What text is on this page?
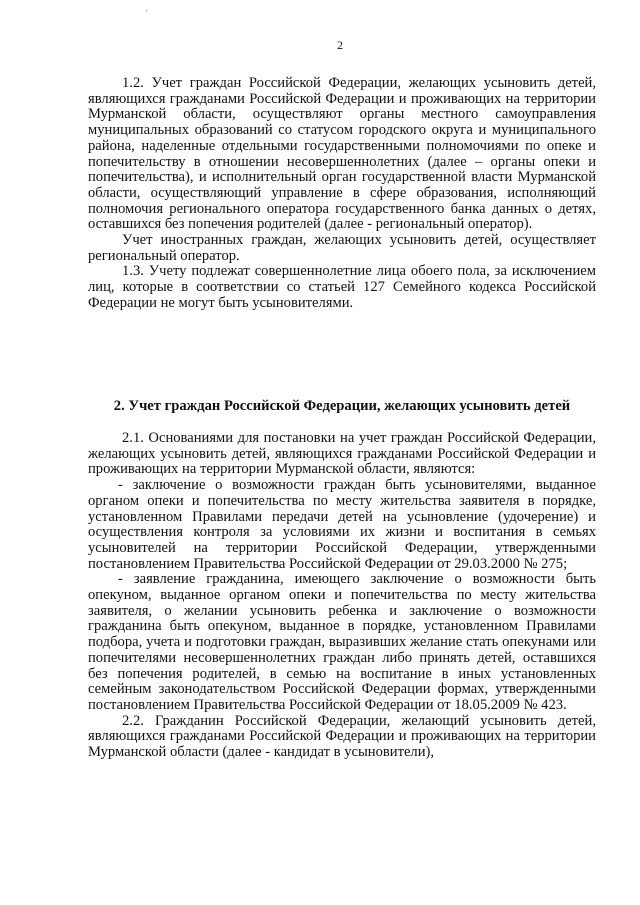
'
2

1.2. Учет граждан Российской Федерации, желающих усыновить детей, являющихся гражданами Российской Федерации и проживающих на территории Мурманской области, осуществляют органы местного самоуправления муниципальных образований со статусом городского округа и муниципального района, наделенные отдельными государственными полномочиями по опеке и попечительству в отношении несовершеннолетних (далее – органы опеки и попечительства), и исполнительный орган государственной власти Мурманской области, осуществляющий управление в сфере образования, исполняющий полномочия регионального оператора государственного банка данных о детях, оставшихся без попечения родителей (далее - региональный оператор).

Учет иностранных граждан, желающих усыновить детей, осуществляет региональный оператор.

1.3. Учету подлежат совершеннолетние лица обоего пола, за исключением лиц, которые в соответствии со статьей 127 Семейного кодекса Российской Федерации не могут быть усыновителями.

2. Учет граждан Российской Федерации, желающих усыновить детей

2.1. Основаниями для постановки на учет граждан Российской Федерации, желающих усыновить детей, являющихся гражданами Российской Федерации и проживающих на территории Мурманской области, являются:

- заключение о возможности граждан быть усыновителями, выданное органом опеки и попечительства по месту жительства заявителя в порядке, установленном Правилами передачи детей на усыновление (удочерение) и осуществления контроля за условиями их жизни и воспитания в семьях усыновителей на территории Российской Федерации, утвержденными постановлением Правительства Российской Федерации от 29.03.2000 № 275;

- заявление гражданина, имеющего заключение о возможности быть опекуном, выданное органом опеки и попечительства по месту жительства заявителя, о желании усыновить ребенка и заключение о возможности гражданина быть опекуном, выданное в порядке, установленном Правилами подбора, учета и подготовки граждан, выразивших желание стать опекунами или попечителями несовершеннолетних граждан либо принять детей, оставшихся без попечения родителей, в семью на воспитание в иных установленных семейным законодательством Российской Федерации формах, утвержденными постановлением Правительства Российской Федерации от 18.05.2009 № 423.

2.2. Гражданин Российской Федерации, желающий усыновить детей, являющихся гражданами Российской Федерации и проживающих на территории Мурманской области (далее - кандидат в усыновители),
